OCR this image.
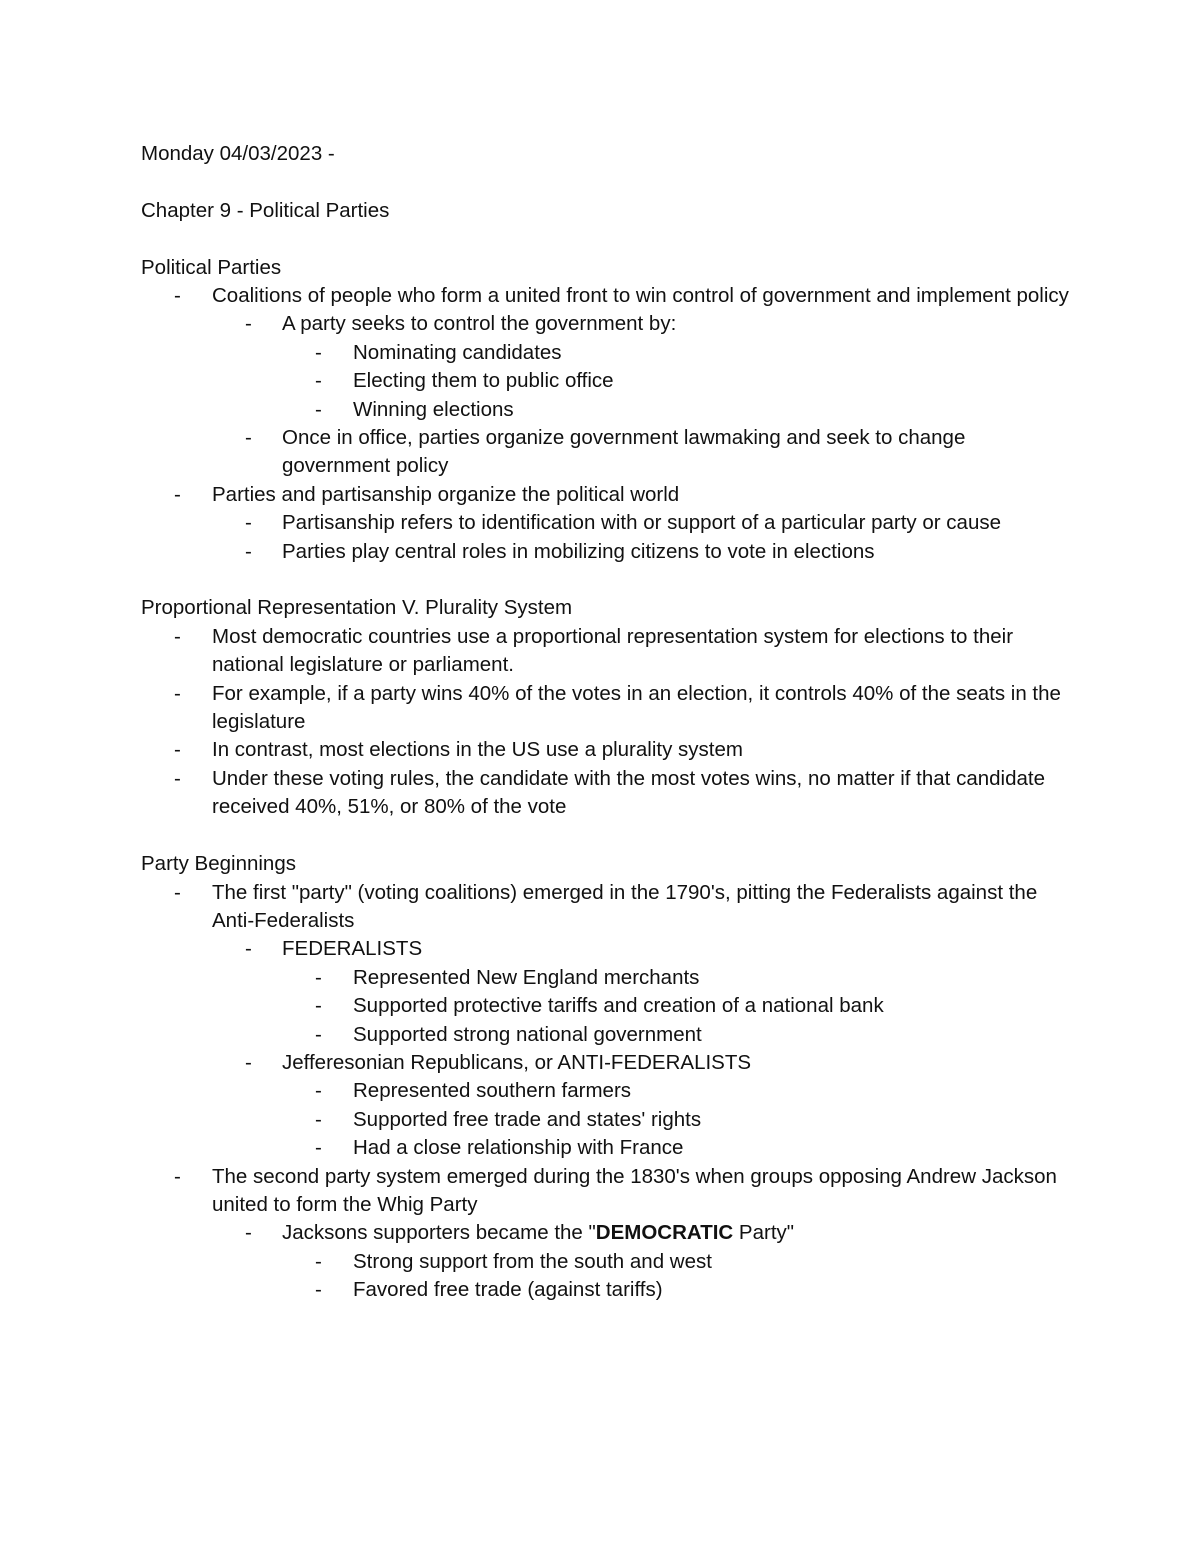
Monday 04/03/2023 -

Chapter 9 - Political Parties

Political Parties

- Coalitions of people who form a united front to win control of government and implement policy
- A party seeks to control the government by:
- Nominating candidates
- Electing them to public office
- Winning elections
- Once in office, parties organize government lawmaking and seek to change government policy
- Parties and partisanship organize the political world
- Partisanship refers to identification with or support of a particular party or cause
- Parties play central roles in mobilizing citizens to vote in elections

Proportional Representation V. Plurality System

- Most democratic countries use a proportional representation system for elections to their national legislature or parliament.
- For example, if a party wins 40% of the votes in an election, it controls 40% of the seats in the legislature
- In contrast, most elections in the US use a plurality system
- Under these voting rules, the candidate with the most votes wins, no matter if that candidate received 40%, 51%, or 80% of the vote

Party Beginnings

- The first "party" (voting coalitions) emerged in the 1790's, pitting the Federalists against the Anti-Federalists
- FEDERALISTS
- Represented New England merchants
- Supported protective tariffs and creation of a national bank
- Supported strong national government
- Jefferesonian Republicans, or ANTI-FEDERALISTS
- Represented southern farmers
- Supported free trade and states' rights
- Had a close relationship with France
- The second party system emerged during the 1830's when groups opposing Andrew Jackson united to form the Whig Party
- Jacksons supporters became the "DEMOCRATIC Party"
- Strong support from the south and west
- Favored free trade (against tariffs)
